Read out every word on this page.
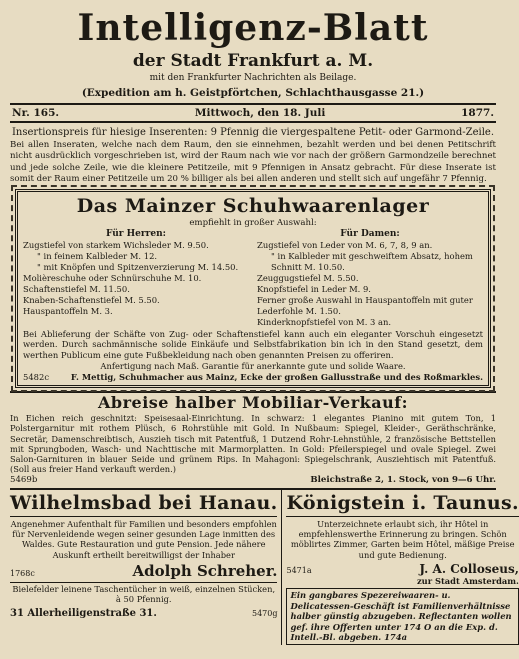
Intelligenz-Blatt
der Stadt Frankfurt a. M.
mit den Frankfurter Nachrichten als Beilage.
(Expedition am h. Geistpförtchen, Schlachthausgasse 21.)
Nr. 165.	Mittwoch, den 18. Juli	1877.
Insertionspreis für hiesige Inserenten: 9 Pfennig die viergespaltene Petit- oder Garmond-Zeile.
Bei allen Inseraten, welche nach dem Raum, den sie einnehmen, bezahlt werden und bei denen Petitschrift nicht ausdrücklich vorgeschrieben ist, wird der Raum nach wie vor nach der größern Garmondzeile berechnet und jede solche Zeile, wie die kleinere Petitzeile, mit 9 Pfennigen in Ansatz gebracht. Für diese Inserate ist somit der Raum einer Petitzeile um 20 % billiger als bei allen anderen und stellt sich auf ungefähr 7 Pfennig.
Das Mainzer Schuhwaarenlager
empfiehlt in großer Auswahl:
Für Herren:
Zugstiefel von starkem Wichsleder M. 9.50.
" in feinem Kalbleder M. 12.
" mit Knöpfen und Spitzenverzierung M. 14.50.
Molièreschuhe oder Schnürschuhe M. 10.
Schaftenstiefel M. 11.50.
Knaben-Schaftenstiefel M. 5.50.
Hauspantoffeln M. 3.
Für Damen:
Zugstiefel von Leder von M. 6, 7, 8, 9 an.
" in Kalbleder mit geschweiftem Absatz, hohem Schnitt M. 10.50.
Zeuggugstiefel M. 5.50.
Knopfstiefel in Leder M. 9.
Ferner große Auswahl in Hauspantoffeln mit guter Lederfohle M. 1.50.
Kinderknopfstiefel von M. 3 an.
Bei Ablieferung der Schäfte von Zug- oder Schaftenstiefel kann auch ein eleganter Vorschuh eingesetzt werden. Durch sachmännische solide Einkäufe und Selbstfabrikation bin ich in den Stand gesetzt, dem werthen Publicum eine gute Fußbekleidung nach oben genannten Preisen zu offeriren.
Anfertigung nach Maß. Garantie für anerkannte gute und solide Waare.
5482c	F. Mettig, Schuhmacher aus Mainz, Ecke der großen Gallusstraße und des Roßmarkles.
Abreise halber Mobiliar-Verkauf:
In Eichen reich geschnitzt: Speisesaal-Einrichtung. In schwarz: 1 elegantes Pianino mit gutem Ton, 1 Polstergarnitur mit rothem Plüsch, 6 Rohrstühle mit Gold. In Nußbaum: Spiegel, Kleider-, Geräthschränke, Secretär, Damenschreibtisch, Auszieh tisch mit Patentfuß, 1 Dutzend Rohr-Lehnstühle, 2 französische Bettstellen mit Sprungboden, Wasch- und Nachttische mit Marmorplatten. In Gold: Pfeilerspiegel und ovale Spiegel. Zwei Salon-Garnituren in blauer Seide und grünem Rips. In Mahagoni: Spiegelschrank, Ausziehtisch mit Patentfuß. (Soll aus freier Hand verkauft werden.)
5469b	Bleichstraße 2, 1. Stock, von 9—6 Uhr.
Wilhelmsbad bei Hanau.
Angenehmer Aufenthalt für Familien und besonders empfohlen für Nervenleidende wegen seiner gesunden Lage inmitten des Waldes. Gute Restauration und gute Pension. Jede nähere Auskunft ertheilt bereitwilligst der Inhaber
1768c	Adolph Schreher.
Bielefelder leinene Taschentücher in weiß, einzelnen Stücken, à 50 Pfennig.
31 Allerheiligenstraße 31.	5470g
Königstein i. Taunus.
Unterzeichnete erlaubt sich, ihr Hôtel in empfehlenswerthe Erinnerung zu bringen. Schön möblirtes Zimmer, Garten beim Hôtel, mäßige Preise und gute Bedienung.
5471a	J. A. Colloseus,
zur Stadt Amsterdam.
Ein gangbares Spezereiwaaren- u. Delicatessen-Geschäft ist Familienverhältnisse halber günstig abzugeben. Reflectanten wollen gef. ihre Offerten unter 174 O an die Exp. d. Intell.-Bl. abgeben. 174a
